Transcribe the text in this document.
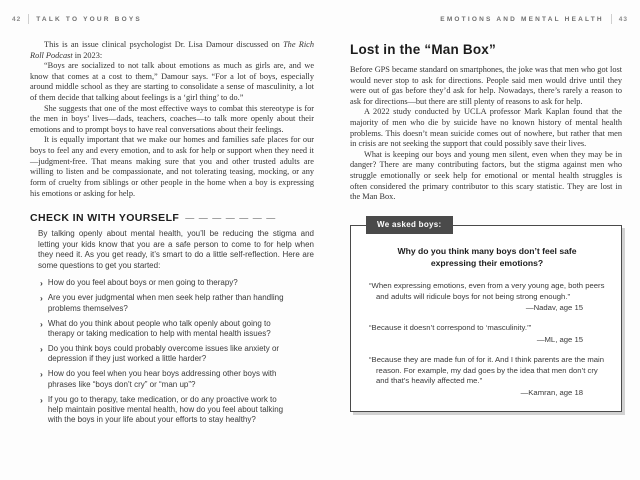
42 TALK TO YOUR BOYS	EMOTIONS AND MENTAL HEALTH 43

This is an issue clinical psychologist Dr. Lisa Damour discussed on The Rich Roll Podcast in 2023:

“Boys are socialized to not talk about emotions as much as girls are, and we know that comes at a cost to them,” Damour says. “For a lot of boys, especially around middle school as they are starting to consolidate a sense of masculinity, a lot of them decide that talking about feelings is a ‘girl thing’ to do.”

She suggests that one of the most effective ways to combat this stereotype is for the men in boys’ lives—dads, teachers, coaches—to talk more openly about their emotions and to prompt boys to have real conversations about their feelings.

It is equally important that we make our homes and families safe places for our boys to feel any and every emotion, and to ask for help or support when they need it—judgment-free. That means making sure that you and other trusted adults are willing to listen and be compassionate, and not tolerating teasing, mocking, or any form of cruelty from siblings or other people in the home when a boy is expressing his emotions or asking for help.

CHECK IN WITH YOURSELF — — — — — — —

By talking openly about mental health, you’ll be reducing the stigma and letting your kids know that you are a safe person to come to for help when they need it. As you get ready, it’s smart to do a little self-reflection. Here are some questions to get you started:

› How do you feel about boys or men going to therapy?
› Are you ever judgmental when men seek help rather than handling problems themselves?
› What do you think about people who talk openly about going to therapy or taking medication to help with mental health issues?
› Do you think boys could probably overcome issues like anxiety or depression if they just worked a little harder?
› How do you feel when you hear boys addressing other boys with phrases like “boys don’t cry” or “man up”?
› If you go to therapy, take medication, or do any proactive work to help maintain positive mental health, how do you feel about talking with the boys in your life about your efforts to stay healthy?
Lost in the “Man Box”

Before GPS became standard on smartphones, the joke was that men who got lost would never stop to ask for directions. People said men would drive until they were out of gas before they’d ask for help. Nowadays, there’s rarely a reason to ask for directions—but there are still plenty of reasons to ask for help.

A 2022 study conducted by UCLA professor Mark Kaplan found that the majority of men who die by suicide have no known history of mental health problems. This doesn’t mean suicide comes out of nowhere, but rather that men in crisis are not seeking the support that could possibly save their lives.

What is keeping our boys and young men silent, even when they may be in danger? There are many contributing factors, but the stigma against men who struggle emotionally or seek help for emotional or mental health struggles is often considered the primary contributor to this scary statistic. They are lost in the Man Box.

We asked boys:
Why do you think many boys don’t feel safe expressing their emotions?
“When expressing emotions, even from a very young age, both peers and adults will ridicule boys for not being strong enough.”
—Nadav, age 15
“Because it doesn’t correspond to ‘masculinity.’”
—ML, age 15
“Because they are made fun of for it. And I think parents are the main reason. For example, my dad goes by the idea that men don’t cry and that’s heavily affected me.”
—Kamran, age 18
